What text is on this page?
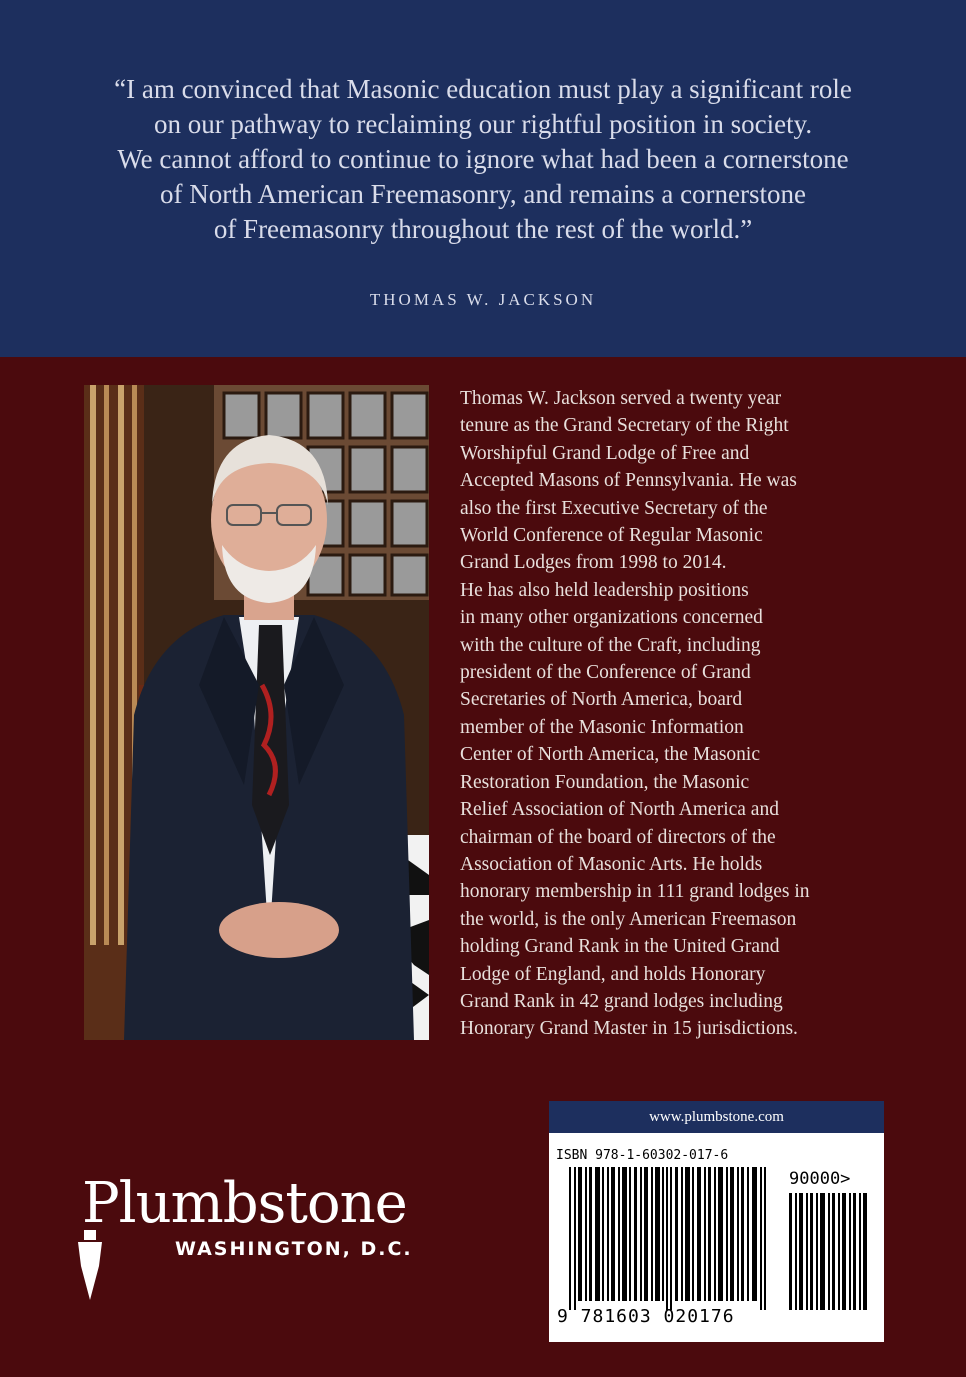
“I am convinced that Masonic education must play a significant role
on our pathway to reclaiming our rightful position in society.
We cannot afford to continue to ignore what had been a cornerstone
of North American Freemasonry, and remains a cornerstone
of Freemasonry throughout the rest of the world.”
THOMAS W. JACKSON
Thomas W. Jackson served a twenty year
tenure as the Grand Secretary of the Right
Worshipful Grand Lodge of Free and
Accepted Masons of Pennsylvania. He was
also the first Executive Secretary of the
World Conference of Regular Masonic
Grand Lodges from 1998 to 2014.
He has also held leadership positions
in many other organizations concerned
with the culture of the Craft, including
president of the Conference of Grand
Secretaries of North America, board
member of the Masonic Information
Center of North America, the Masonic
Restoration Foundation, the Masonic
Relief Association of North America and
chairman of the board of directors of the
Association of Masonic Arts. He holds
honorary membership in 111 grand lodges in
the world, is the only American Freemason
holding Grand Rank in the United Grand
Lodge of England, and holds Honorary
Grand Rank in 42 grand lodges including
Honorary Grand Master in 15 jurisdictions.
Plumbstone
WASHINGTON, D.C.
www.plumbstone.com
ISBN 978-1-60302-017-6
90000>
9 781603 020176
